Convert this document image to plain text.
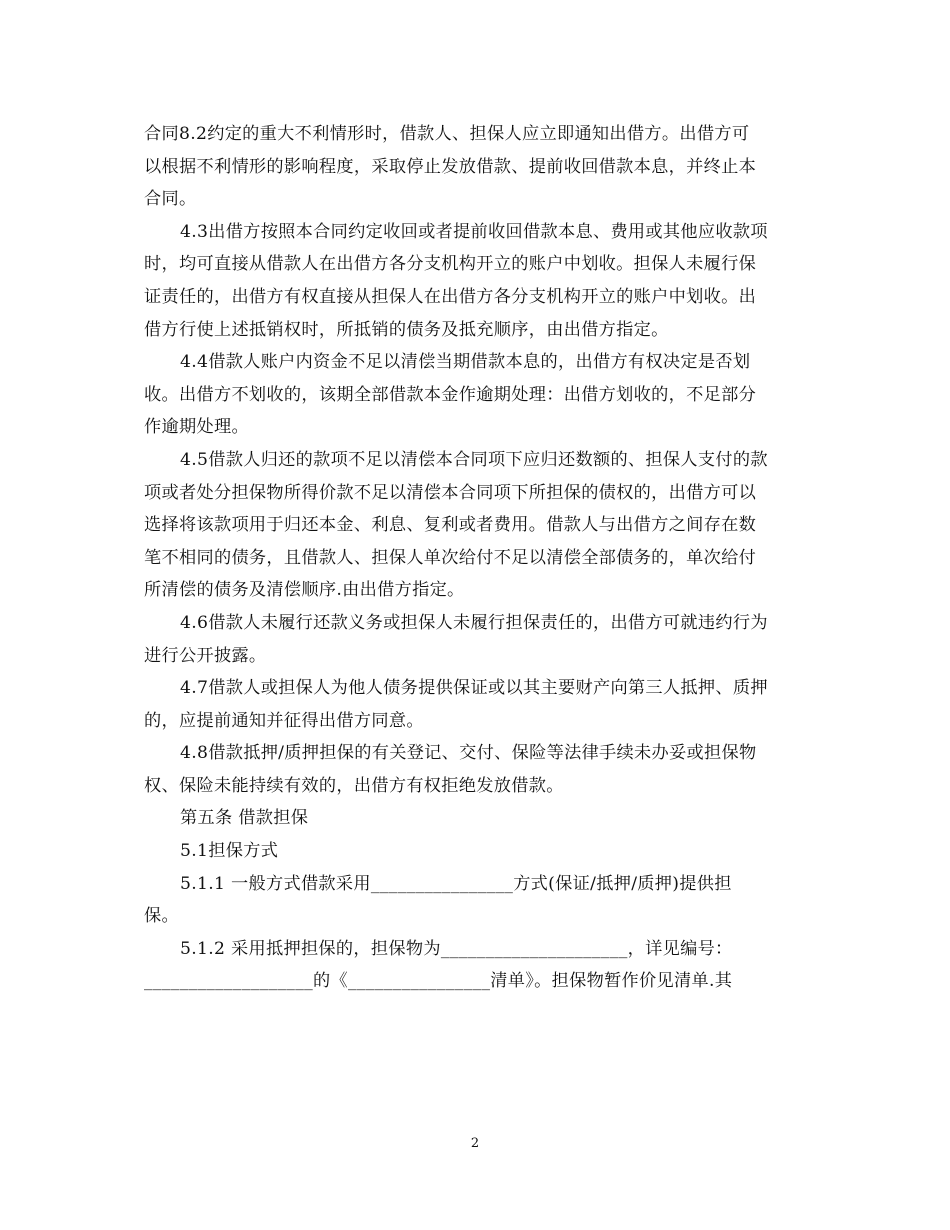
合同8.2约定的重大不利情形时，借款人、担保人应立即通知出借方。出借方可
以根据不利情形的影响程度，采取停止发放借款、提前收回借款本息，并终止本
合同。
4.3出借方按照本合同约定收回或者提前收回借款本息、费用或其他应收款项
时，均可直接从借款人在出借方各分支机构开立的账户中划收。担保人未履行保
证责任的，出借方有权直接从担保人在出借方各分支机构开立的账户中划收。出
借方行使上述抵销权时，所抵销的债务及抵充顺序，由出借方指定。
4.4借款人账户内资金不足以清偿当期借款本息的，出借方有权决定是否划
收。出借方不划收的，该期全部借款本金作逾期处理：出借方划收的，不足部分
作逾期处理。
4.5借款人归还的款项不足以清偿本合同项下应归还数额的、担保人支付的款
项或者处分担保物所得价款不足以清偿本合同项下所担保的债权的，出借方可以
选择将该款项用于归还本金、利息、复利或者费用。借款人与出借方之间存在数
笔不相同的债务，且借款人、担保人单次给付不足以清偿全部债务的，单次给付
所清偿的债务及清偿顺序.由出借方指定。
4.6借款人未履行还款义务或担保人未履行担保责任的，出借方可就违约行为
进行公开披露。
4.7借款人或担保人为他人债务提供保证或以其主要财产向第三人抵押、质押
的，应提前通知并征得出借方同意。
4.8借款抵押/质押担保的有关登记、交付、保险等法律手续未办妥或担保物
权、保险未能持续有效的，出借方有权拒绝发放借款。
第五条 借款担保
5.1担保方式
5.1.1 一般方式借款采用________________方式(保证/抵押/质押)提供担
保。
5.1.2 采用抵押担保的，担保物为_____________________，详见编号：
___________________的《________________清单》。担保物暂作价见清单.其
2
